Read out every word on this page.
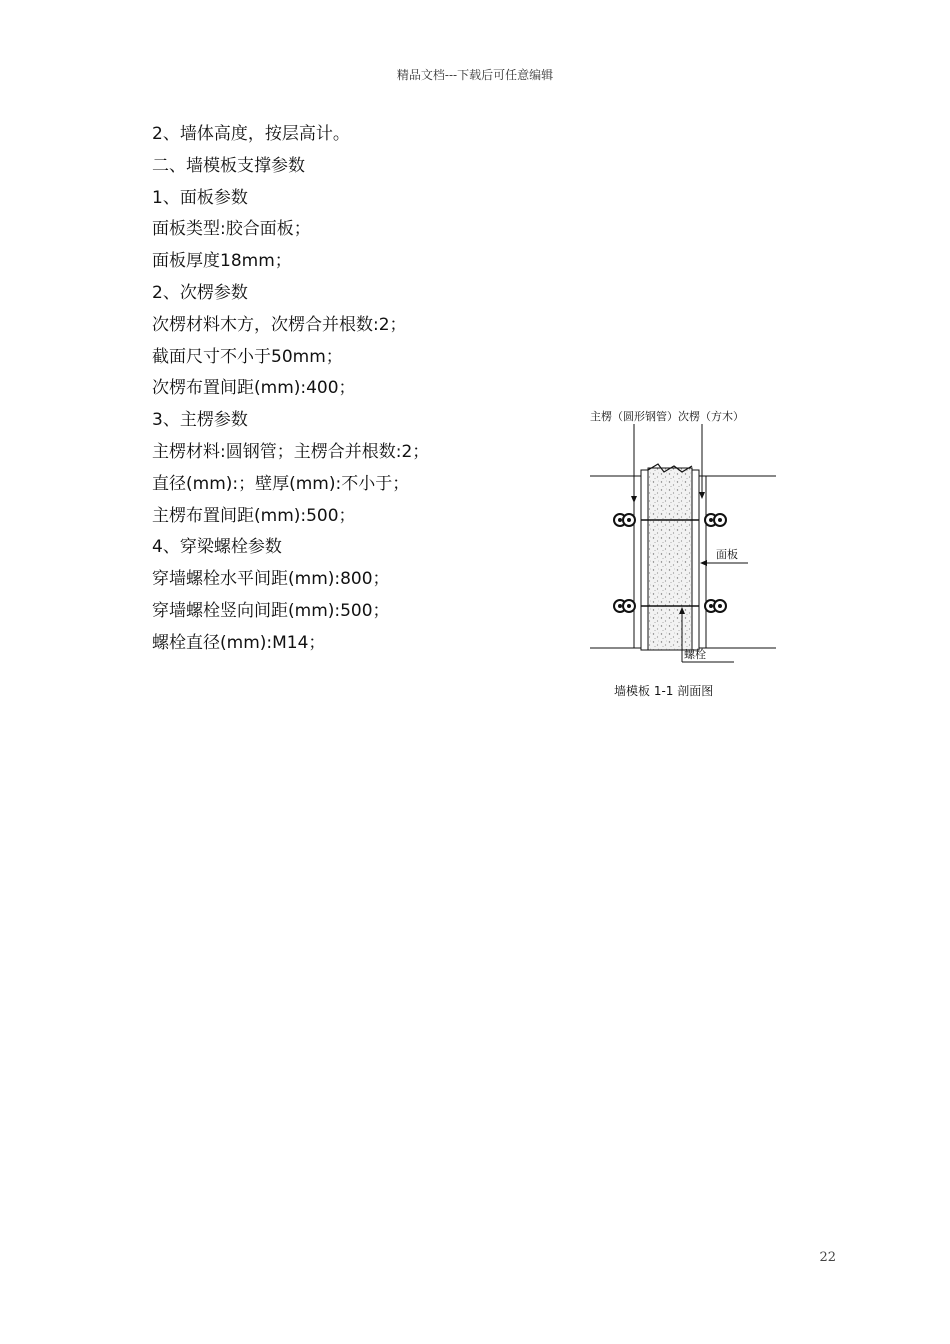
精品文档---下载后可任意编辑
2、墙体高度，按层高计。
二、墙模板支撑参数
1、面板参数
面板类型:胶合面板；
面板厚度18mm；
2、次楞参数
次楞材料木方，次楞合并根数:2；
截面尺寸不小于50mm；
次楞布置间距(mm):400；
3、主楞参数
主楞材料:圆钢管；主楞合并根数:2；
直径(mm):；壁厚(mm):不小于；
主楞布置间距(mm):500；
4、穿梁螺栓参数
穿墙螺栓水平间距(mm):800；
穿墙螺栓竖向间距(mm):500；
螺栓直径(mm):M14；
主楞（圆形钢管）次楞（方木）
面板
螺栓
墙模板 1-1 剖面图
22
